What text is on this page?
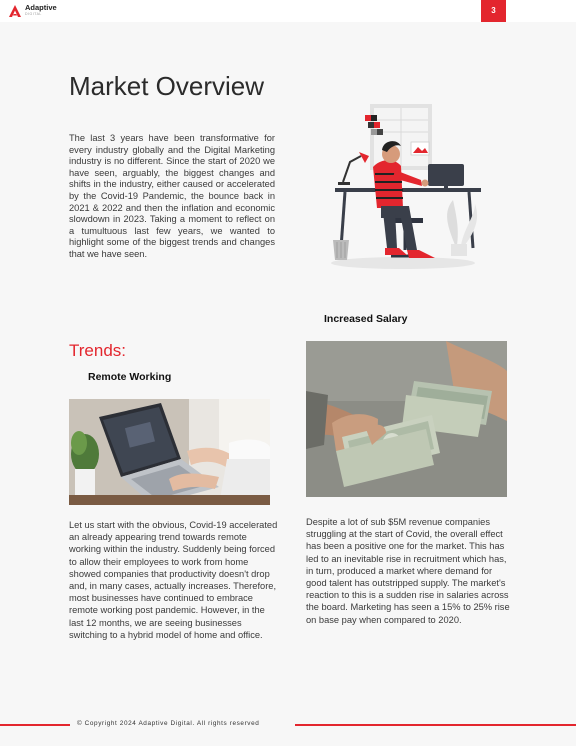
Adaptive
DIGITAL	3
Market Overview

The last 3 years have been transformative for every industry globally and the Digital Marketing industry is no different. Since the start of 2020 we have seen, arguably, the biggest changes and shifts in the industry, either caused or accelerated by the Covid-19 Pandemic, the bounce back in 2021 & 2022 and then the inflation and economic slowdown in 2023. Taking a moment to reflect on a tumultuous last few years, we wanted to highlight some of the biggest trends and changes that we have seen.

Trends:
Remote Working

Let us start with the obvious, Covid-19 accelerated an already appearing trend towards remote working within the industry. Suddenly being forced to allow their employees to work from home showed companies that productivity doesn't drop and, in many cases, actually increases. Therefore, most businesses have continued to embrace remote working post pandemic. However, in the last 12 months, we are seeing businesses switching to a hybrid model of home and office.

Increased Salary

Despite a lot of sub $5M revenue companies struggling at the start of Covid, the overall effect has been a positive one for the market. This has led to an inevitable rise in recruitment which has, in turn, produced a market where demand for good talent has outstripped supply. The market's reaction to this is a sudden rise in salaries across the board. Marketing has seen a 15% to 25% rise on base pay when compared to 2020.

© Copyright 2024 Adaptive Digital. All rights reserved
